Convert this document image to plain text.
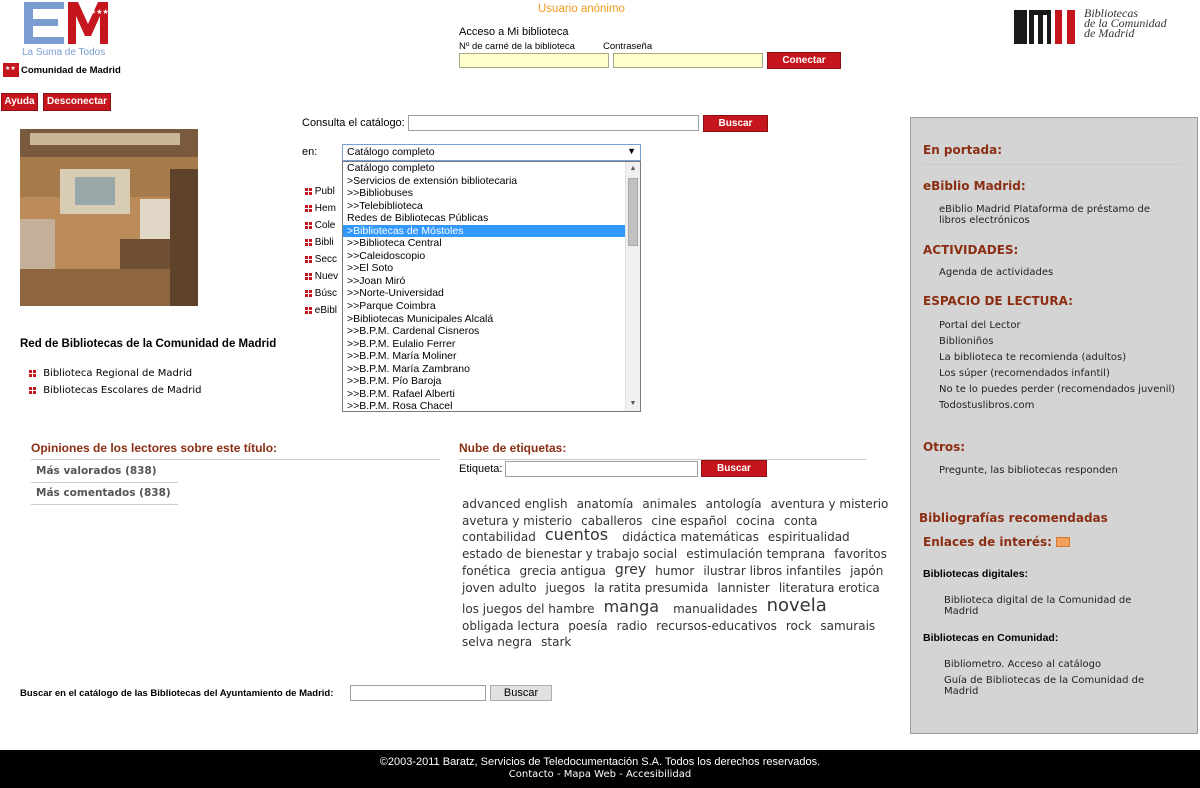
★★★
La Suma de Todos
★★ Comunidad de Madrid
Usuario anónimo
Acceso a Mi biblioteca
Nº de carné de la biblioteca	Contraseña
Conectar
Bibliotecas
de la Comunidad
de Madrid
Ayuda	Desconectar
Consulta el catálogo:	Buscar
en:
Publ
Hem
Cole
Bibli
Secc
Nuev
Búsc
eBibl
Catálogo completo	▼
Catálogo completo
>Servicios de extensión bibliotecaria
>>Bibliobuses
>>Telebiblioteca
Redes de Bibliotecas Públicas
>Bibliotecas de Móstoles
>>Biblioteca Central
>>Caleidoscopio
>>El Soto
>>Joan Miró
>>Norte-Universidad
>>Parque Coimbra
>Bibliotecas Municipales Alcalá
>>B.P.M. Cardenal Cisneros
>>B.P.M. Eulalio Ferrer
>>B.P.M. María Moliner
>>B.P.M. María Zambrano
>>B.P.M. Pío Baroja
>>B.P.M. Rafael Alberti
>>B.P.M. Rosa Chacel
▲
▼
Red de Bibliotecas de la Comunidad de Madrid
Biblioteca Regional de Madrid
Bibliotecas Escolares de Madrid
Opiniones de los lectores sobre este título:
Más valorados (838)
Más comentados (838)
Nube de etiquetas:
Etiqueta:	Buscar
advanced english anatomía animales antología aventura y misterio
avetura y misterio caballeros cine español cocina conta
contabilidad cuentos didáctica matemáticas espiritualidad
estado de bienestar y trabajo social estimulación temprana favoritos
fonética grecia antigua grey humor ilustrar libros infantiles japón
joven adulto juegos la ratita presumida lannister literatura erotica
los juegos del hambre manga manualidades novela
obligada lectura poesía radio recursos-educativos rock samurais
selva negra stark
Buscar en el catálogo de las Bibliotecas del Ayuntamiento de Madrid:	Buscar
En portada:
eBiblio Madrid:
eBiblio Madrid Plataforma de préstamo de libros electrónicos
ACTIVIDADES:
Agenda de actividades
ESPACIO DE LECTURA:
Portal del Lector
Biblioniños
La biblioteca te recomienda (adultos)
Los súper (recomendados infantil)
No te lo puedes perder (recomendados juvenil)
Todostuslibros.com
Otros:
Pregunte, las bibliotecas responden
Bibliografías recomendadas
Enlaces de interés:
Bibliotecas digitales:
Biblioteca digital de la Comunidad de Madrid
Bibliotecas en Comunidad:
Bibliometro. Acceso al catálogo
Guía de Bibliotecas de la Comunidad de Madrid
©2003-2011 Baratz, Servicios de Teledocumentación S.A. Todos los derechos reservados.
Contacto - Mapa Web - Accesibilidad
